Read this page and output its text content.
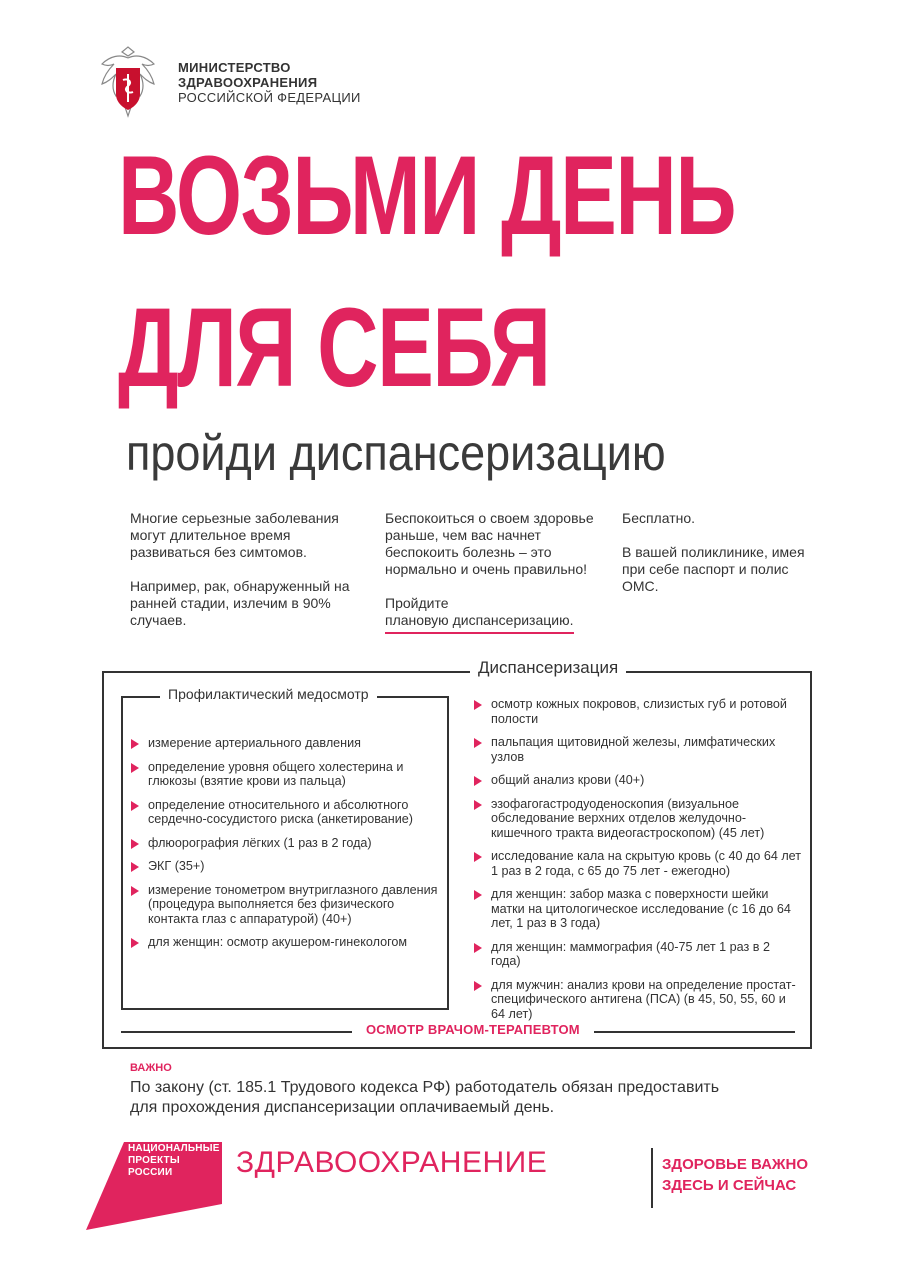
МИНИСТЕРСТВО
ЗДРАВООХРАНЕНИЯ
РОССИЙСКОЙ ФЕДЕРАЦИИ
ВОЗЬМИ ДЕНЬ
ДЛЯ СЕБЯ
пройди диспансеризацию

Многие серьезные заболевания могут длительное время развиваться без симтомов.

Например, рак, обнаруженный на ранней стадии, излечим в 90% случаев.

Беспокоиться о своем здоровье раньше, чем вас начнет беспокоить болезнь – это нормально и очень правильно!

Пройдите
плановую диспансеризацию.

Бесплатно.

В вашей поликлинике, имея при себе паспорт и полис ОМС.

Диспансеризация
Профилактический медосмотр
измерение артериального давления
определение уровня общего холестерина и глюкозы (взятие крови из пальца)
определение относительного и абсолютного сердечно-сосудистого риска (анкетирование)
флюорография лёгких (1 раз в 2 года)
ЭКГ (35+)
измерение тонометром внутриглазного давления (процедура выполняется без физического контакта глаз с аппаратурой) (40+)
для женщин: осмотр акушером-гинекологом
осмотр кожных покровов, слизистых губ и ротовой полости
пальпация щитовидной железы, лимфатических узлов
общий анализ крови (40+)
эзофагогастродуоденоскопия (визуальное обследование верхних отделов желудочно-кишечного тракта видеогастроскопом) (45 лет)
исследование кала на скрытую кровь (с 40 до 64 лет 1 раз в 2 года, с 65 до 75 лет - ежегодно)
для женщин: забор мазка с поверхности шейки матки на цитологическое исследование (с 16 до 64 лет, 1 раз в 3 года)
для женщин: маммография (40-75 лет 1 раз в 2 года)
для мужчин: анализ крови на определение простат-специфического антигена (ПСА) (в 45, 50, 55, 60 и 64 лет)
ОСМОТР ВРАЧОМ-ТЕРАПЕВТОМ
ВАЖНО
По закону (ст. 185.1 Трудового кодекса РФ) работодатель обязан предоставить для прохождения диспансеризации оплачиваемый день.
НАЦИОНАЛЬНЫЕ
ПРОЕКТЫ
РОССИИ	ЗДРАВООХРАНЕНИЕ	ЗДОРОВЬЕ ВАЖНО
ЗДЕСЬ И СЕЙЧАС
